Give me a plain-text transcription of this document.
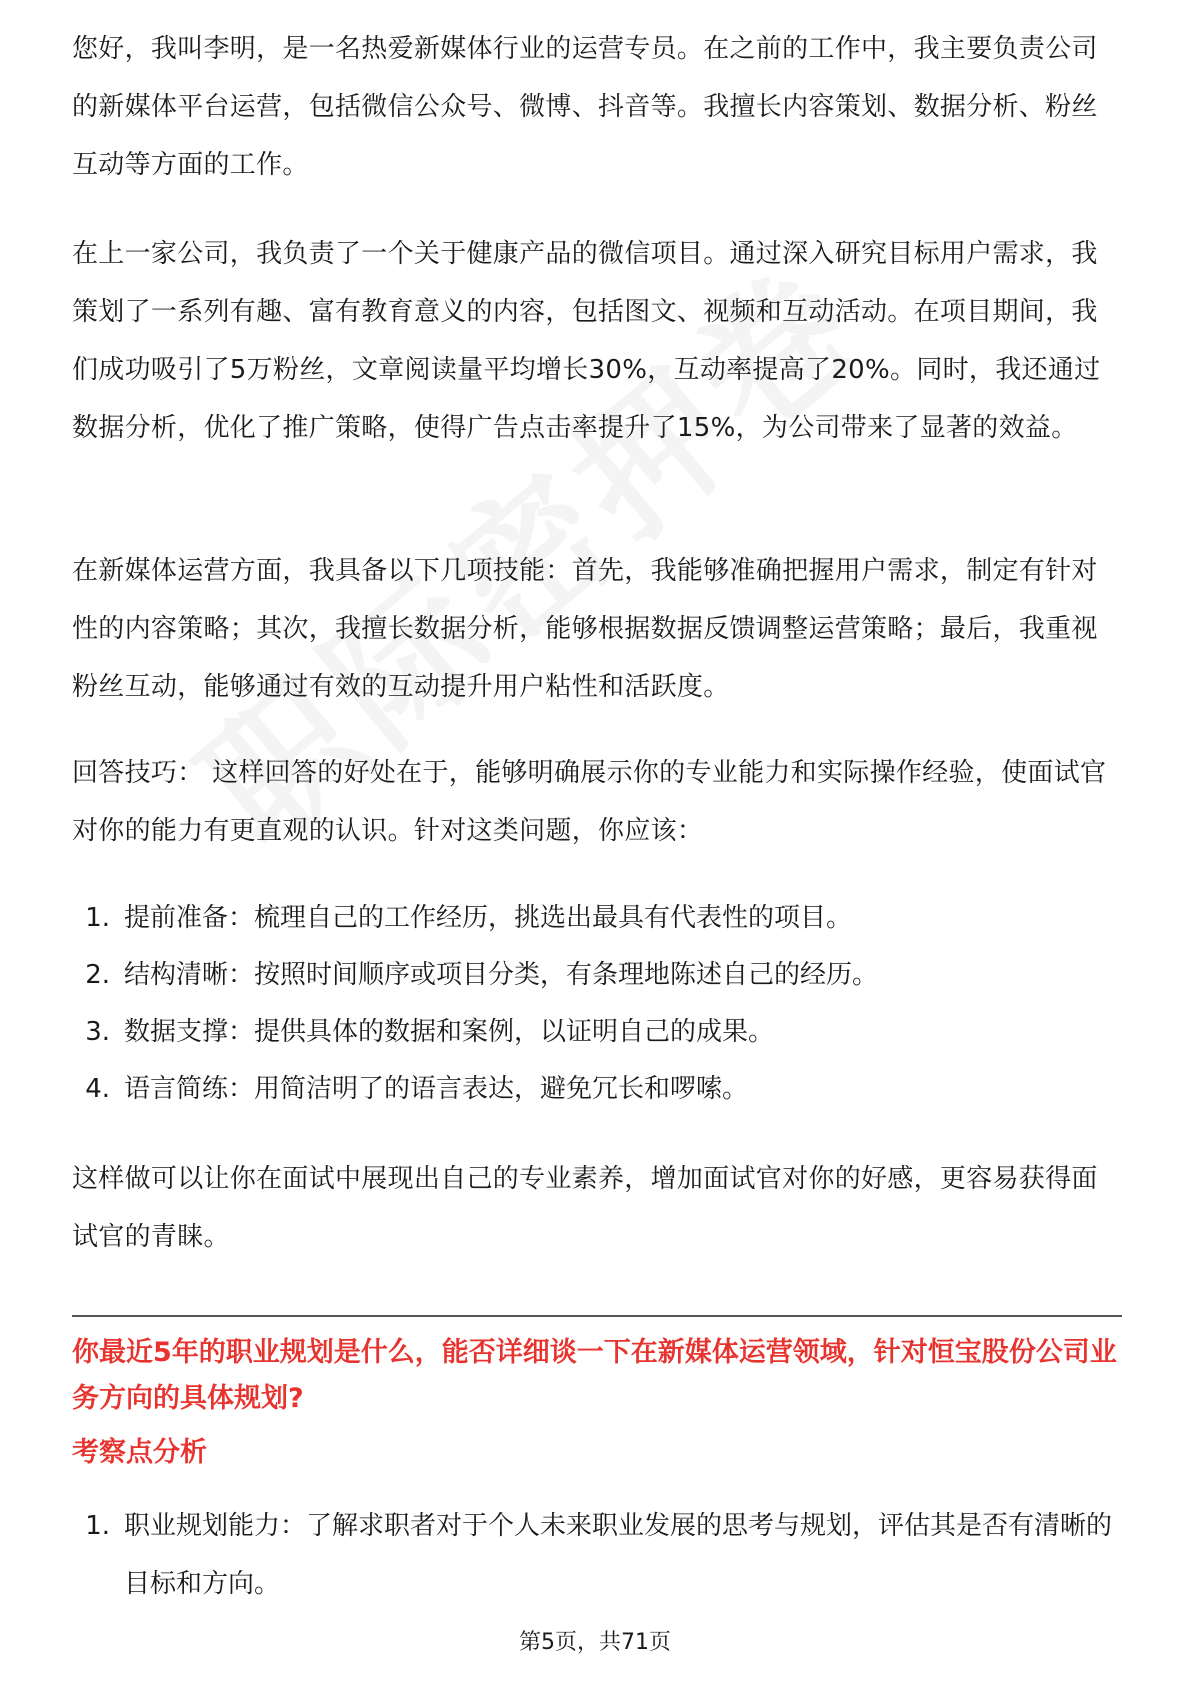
您好，我叫李明，是一名热爱新媒体行业的运营专员。在之前的工作中，我主要负责公司的新媒体平台运营，包括微信公众号、微博、抖音等。我擅长内容策划、数据分析、粉丝互动等方面的工作。

在上一家公司，我负责了一个关于健康产品的微信项目。通过深入研究目标用户需求，我策划了一系列有趣、富有教育意义的内容，包括图文、视频和互动活动。在项目期间，我们成功吸引了5万粉丝，文章阅读量平均增长30%，互动率提高了20%。同时，我还通过数据分析，优化了推广策略，使得广告点击率提升了15%，为公司带来了显著的效益。

在新媒体运营方面，我具备以下几项技能：首先，我能够准确把握用户需求，制定有针对性的内容策略；其次，我擅长数据分析，能够根据数据反馈调整运营策略；最后，我重视粉丝互动，能够通过有效的互动提升用户粘性和活跃度。

回答技巧： 这样回答的好处在于，能够明确展示你的专业能力和实际操作经验，使面试官对你的能力有更直观的认识。针对这类问题，你应该：

1. 提前准备：梳理自己的工作经历，挑选出最具有代表性的项目。
2. 结构清晰：按照时间顺序或项目分类，有条理地陈述自己的经历。
3. 数据支撑：提供具体的数据和案例，以证明自己的成果。
4. 语言简练：用简洁明了的语言表达，避免冗长和啰嗦。

这样做可以让你在面试中展现出自己的专业素养，增加面试官对你的好感，更容易获得面试官的青睐。

你最近5年的职业规划是什么，能否详细谈一下在新媒体运营领域，针对恒宝股份公司业务方向的具体规划?
考察点分析
1. 职业规划能力：了解求职者对于个人未来职业发展的思考与规划，评估其是否有清晰的目标和方向。
第5页，共71页
